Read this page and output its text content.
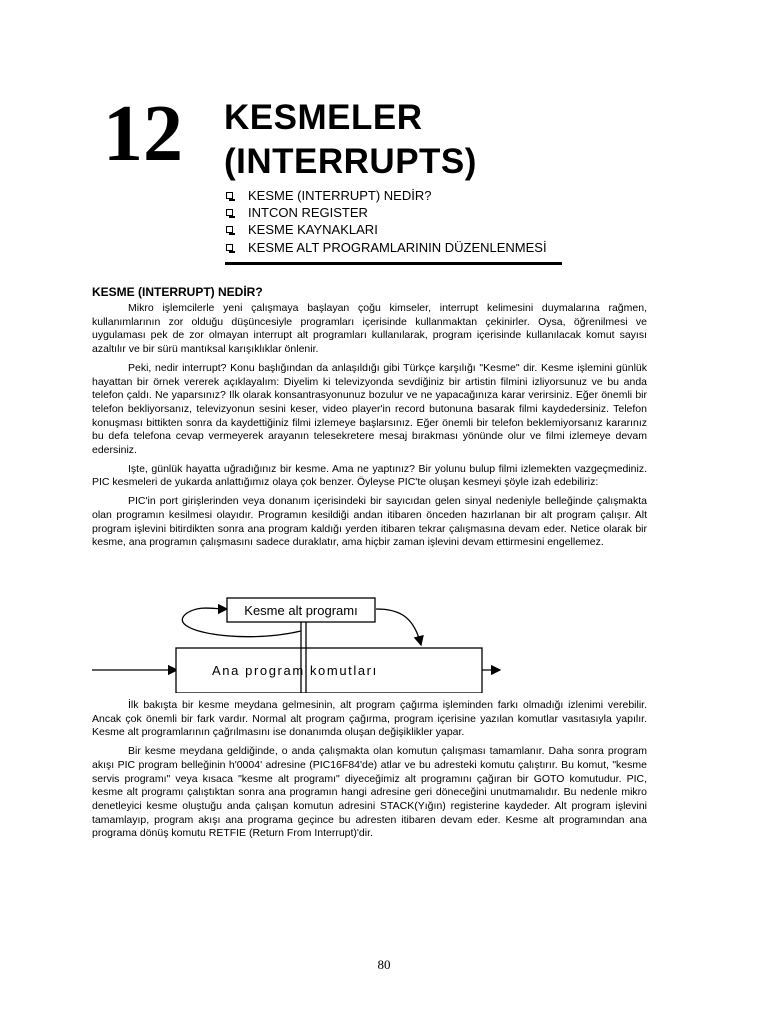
12 KESMELER
(INTERRUPTS)
KESME (INTERRUPT) NEDİR?
INTCON REGISTER
KESME KAYNAKLARI
KESME ALT PROGRAMLARININ DÜZENLENMESİ
KESME (INTERRUPT) NEDİR?

Mikro işlemcilerle yeni çalışmaya başlayan çoğu kimseler, interrupt kelimesini duymalarına rağmen, kullanımlarının zor olduğu düşüncesiyle programları içerisinde kullanmaktan çekinirler. Oysa, öğrenilmesi ve uygulaması pek de zor olmayan interrupt alt programları kullanılarak, program içerisinde kullanılacak komut sayısı azaltılır ve bir sürü mantıksal karışıklıklar önlenir.

Peki, nedir interrupt? Konu başlığından da anlaşıldığı gibi Türkçe karşılığı "Kesme" dir. Kesme işlemini günlük hayattan bir örnek vererek açıklayalım: Diyelim ki televizyonda sevdiğiniz bir artistin filmini izliyorsunuz ve bu anda telefon çaldı. Ne yaparsınız? Ilk olarak konsantrasyonunuz bozulur ve ne yapacağınıza karar verirsiniz. Eğer önemli bir telefon bekliyorsanız, televizyonun sesini keser, video player'in record butonuna basarak filmi kaydedersiniz. Telefon konuşması bittikten sonra da kaydettiğiniz filmi izlemeye başlarsınız. Eğer önemli bir telefon beklemiyorsanız kararınız bu defa telefona cevap vermeyerek arayanın telesekretere mesaj bırakması yönünde olur ve filmi izlemeye devam edersiniz.

Işte, günlük hayatta uğradığınız bir kesme. Ama ne yaptınız? Bir yolunu bulup filmi izlemekten vazgeçmediniz. PIC kesmeleri de yukarda anlattığımız olaya çok benzer. Öyleyse PIC'te oluşan kesmeyi şöyle izah edebiliriz:

PIC'in port girişlerinden veya donanım içerisindeki bir sayıcıdan gelen sinyal nedeniyle belleğinde çalışmakta olan programın kesilmesi olayıdır. Programın kesildiği andan itibaren önceden hazırlanan bir alt program çalışır. Alt program işlevini bitirdikten sonra ana program kaldığı yerden itibaren tekrar çalışmasına devam eder. Netice olarak bir kesme, ana programın çalışmasını sadece duraklatır, ama hiçbir zaman işlevini devam ettirmesini engellemez.

Ana program komutları
Kesme alt programı

İlk bakışta bir kesme meydana gelmesinin, alt program çağırma işleminden farkı olmadığı izlenimi verebilir. Ancak çok önemli bir fark vardır. Normal alt program çağırma, program içerisine yazılan komutlar vasıtasıyla yapılır. Kesme alt programlarının çağrılmasını ise donanımda oluşan değişiklikler yapar.

Bir kesme meydana geldiğinde, o anda çalışmakta olan komutun çalışması tamamlanır. Daha sonra program akışı PIC program belleğinin h'0004' adresine (PIC16F84'de) atlar ve bu adresteki komutu çalıştırır. Bu komut, "kesme servis programı" veya kısaca "kesme alt programı" diyeceğimiz alt programını çağıran bir GOTO komutudur. PIC, kesme alt programı çalıştıktan sonra ana programın hangi adresine geri döneceğini unutmamalıdır. Bu nedenle mikro denetleyici kesme oluştuğu anda çalışan komutun adresini STACK(Yığın) registerine kaydeder. Alt program işlevini tamamlayıp, program akışı ana programa geçince bu adresten itibaren devam eder. Kesme alt programından ana programa dönüş komutu RETFIE (Return From Interrupt)'dir.

80
